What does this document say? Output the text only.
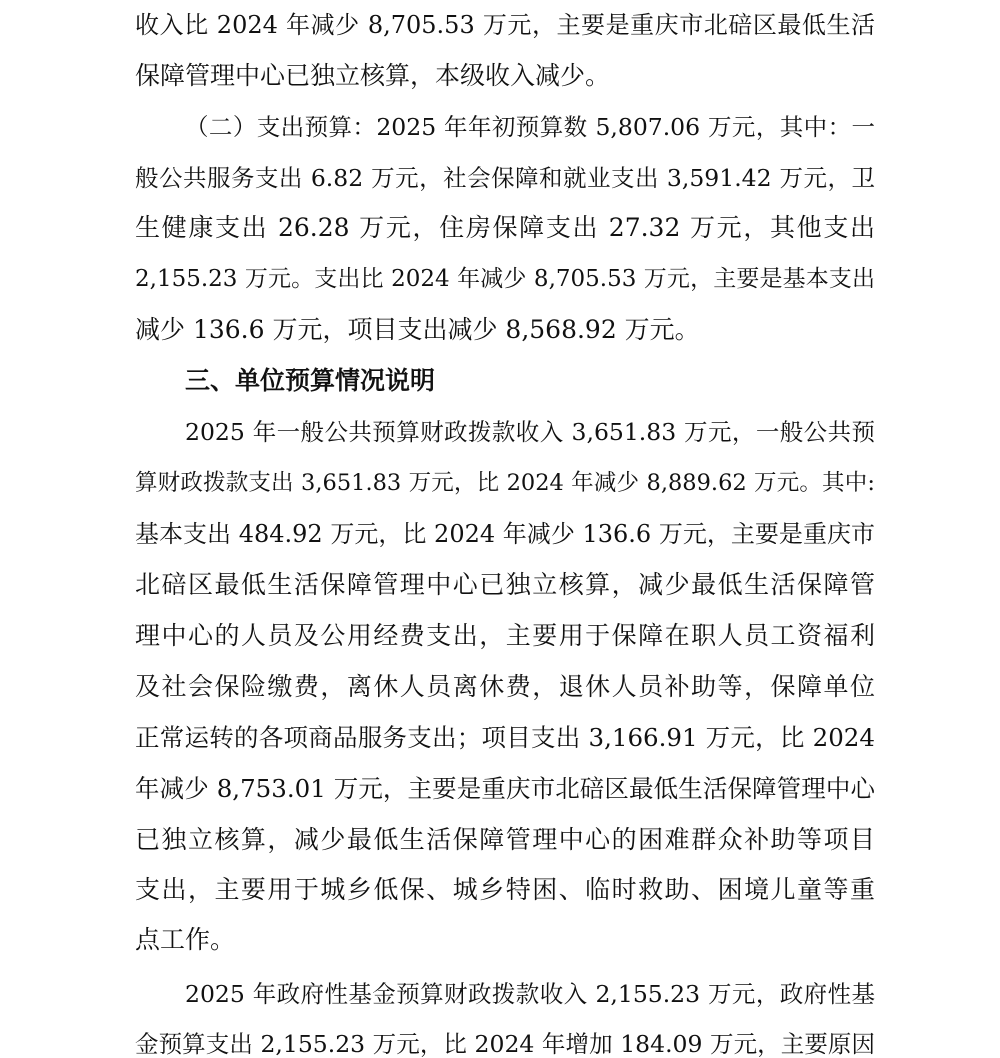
收入比 2024 年减少 8,705.53 万元，主要是重庆市北碚区最低生活
保障管理中心已独立核算，本级收入减少。
（二）支出预算：2025 年年初预算数 5,807.06 万元，其中：一
般公共服务支出 6.82 万元，社会保障和就业支出 3,591.42 万元，卫
生健康支出 26.28 万元，住房保障支出 27.32 万元，其他支出
2,155.23 万元。支出比 2024 年减少 8,705.53 万元，主要是基本支出
减少 136.6 万元，项目支出减少 8,568.92 万元。
三、单位预算情况说明
2025 年一般公共预算财政拨款收入 3,651.83 万元，一般公共预
算财政拨款支出 3,651.83 万元，比 2024 年减少 8,889.62 万元。其中:
基本支出 484.92 万元，比 2024 年减少 136.6 万元，主要是重庆市
北碚区最低生活保障管理中心已独立核算，减少最低生活保障管
理中心的人员及公用经费支出，主要用于保障在职人员工资福利
及社会保险缴费，离休人员离休费，退休人员补助等，保障单位
正常运转的各项商品服务支出；项目支出 3,166.91 万元，比 2024
年减少 8,753.01 万元，主要是重庆市北碚区最低生活保障管理中心
已独立核算，减少最低生活保障管理中心的困难群众补助等项目
支出，主要用于城乡低保、城乡特困、临时救助、困境儿童等重
点工作。
2025 年政府性基金预算财政拨款收入 2,155.23 万元，政府性基
金预算支出 2,155.23 万元，比 2024 年增加 184.09 万元，主要原因
